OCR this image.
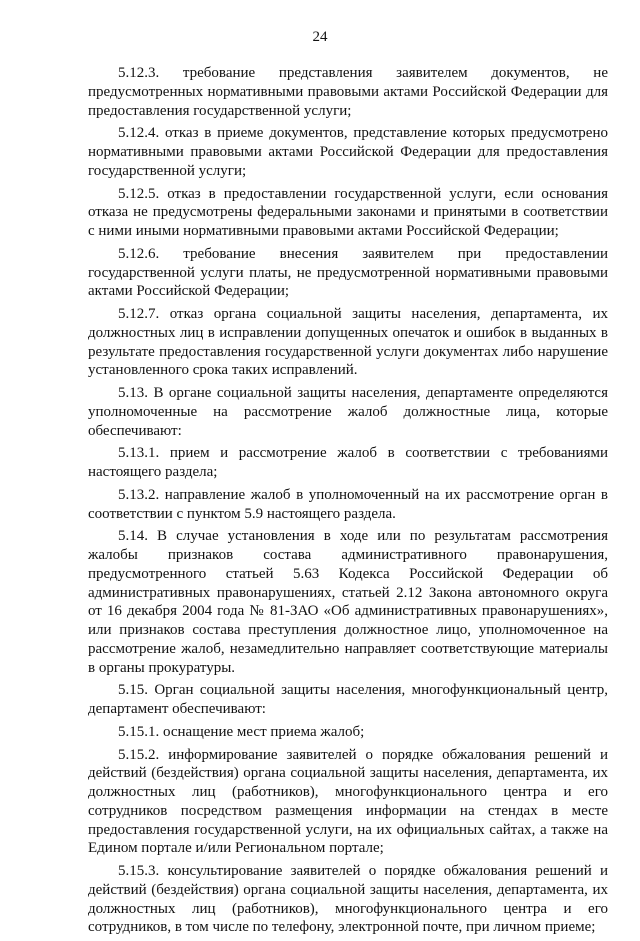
24

5.12.3. требование представления заявителем документов, не предусмотренных нормативными правовыми актами Российской Федерации для предоставления государственной услуги;

5.12.4. отказ в приеме документов, представление которых предусмотрено нормативными правовыми актами Российской Федерации для предоставления государственной услуги;

5.12.5. отказ в предоставлении государственной услуги, если основания отказа не предусмотрены федеральными законами и принятыми в соответствии с ними иными нормативными правовыми актами Российской Федерации;

5.12.6. требование внесения заявителем при предоставлении государственной услуги платы, не предусмотренной нормативными правовыми актами Российской Федерации;

5.12.7. отказ органа социальной защиты населения, департамента, их должностных лиц в исправлении допущенных опечаток и ошибок в выданных в результате предоставления государственной услуги документах либо нарушение установленного срока таких исправлений.

5.13. В органе социальной защиты населения, департаменте определяются уполномоченные на рассмотрение жалоб должностные лица, которые обеспечивают:

5.13.1. прием и рассмотрение жалоб в соответствии с требованиями настоящего раздела;

5.13.2. направление жалоб в уполномоченный на их рассмотрение орган в соответствии с пунктом 5.9 настоящего раздела.

5.14. В случае установления в ходе или по результатам рассмотрения жалобы признаков состава административного правонарушения, предусмотренного статьей 5.63 Кодекса Российской Федерации об административных правонарушениях, статьей 2.12 Закона автономного округа от 16 декабря 2004 года № 81-ЗАО «Об административных правонарушениях», или признаков состава преступления должностное лицо, уполномоченное на рассмотрение жалоб, незамедлительно направляет соответствующие материалы в органы прокуратуры.

5.15. Орган социальной защиты населения, многофункциональный центр, департамент обеспечивают:

5.15.1. оснащение мест приема жалоб;

5.15.2. информирование заявителей о порядке обжалования решений и действий (бездействия) органа социальной защиты населения, департамента, их должностных лиц (работников), многофункционального центра и его сотрудников посредством размещения информации на стендах в месте предоставления государственной услуги, на их официальных сайтах, а также на Едином портале и/или Региональном портале;

5.15.3. консультирование заявителей о порядке обжалования решений и действий (бездействия) органа социальной защиты населения, департамента, их должностных лиц (работников), многофункционального центра и его сотрудников, в том числе по телефону, электронной почте, при личном приеме;
